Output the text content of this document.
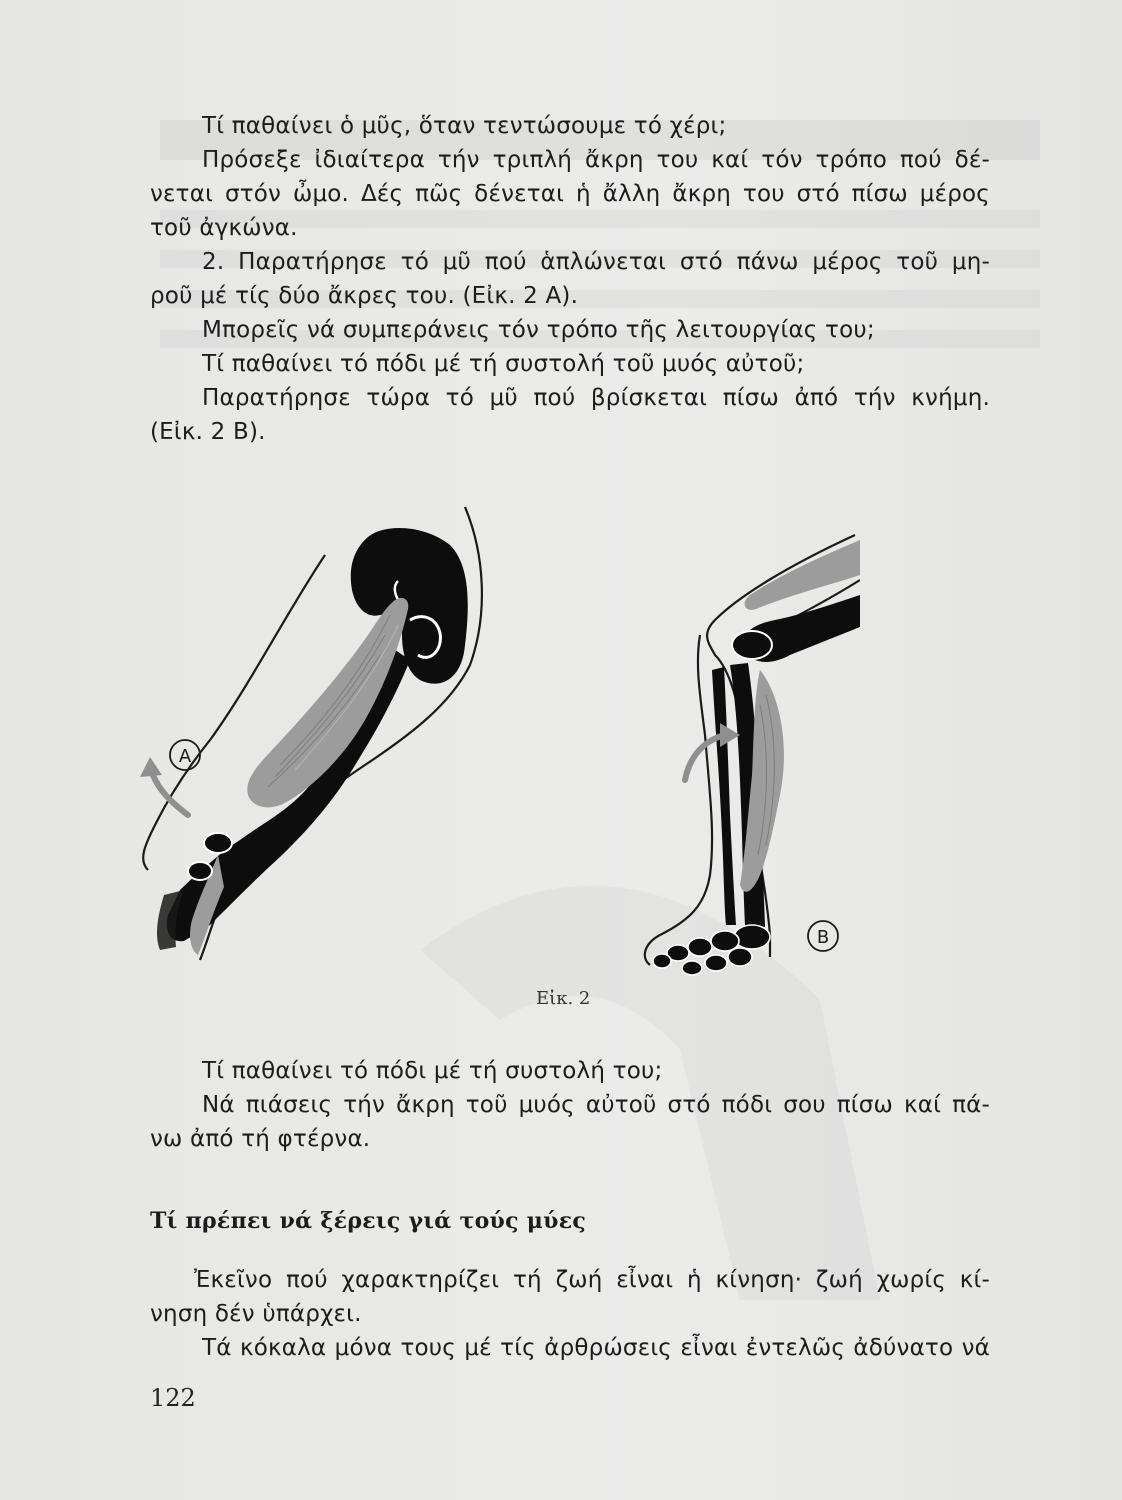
Τί παθαίνει ὁ μῦς, ὅταν τεντώσουμε τό χέρι;
Πρόσεξε ἰδιαίτερα τήν τριπλή ἄκρη του καί τόν τρόπο πού δέ-
νεται στόν ὦμο. Δές πῶς δένεται ἡ ἄλλη ἄκρη του στό πίσω μέρος
τοῦ ἀγκώνα.
2. Παρατήρησε τό μῦ πού ἁπλώνεται στό πάνω μέρος τοῦ μη-
ροῦ μέ τίς δύο ἄκρες του. (Εἰκ. 2 Α).
Μπορεῖς νά συμπεράνεις τόν τρόπο τῆς λειτουργίας του;
Τί παθαίνει τό πόδι μέ τή συστολή τοῦ μυός αὐτοῦ;
Παρατήρησε τώρα τό μῦ πού βρίσκεται πίσω ἀπό τήν κνήμη.
(Εἰκ. 2 Β).
A
B
Εἰκ. 2
Τί παθαίνει τό πόδι μέ τή συστολή του;
Νά πιάσεις τήν ἄκρη τοῦ μυός αὐτοῦ στό πόδι σου πίσω καί πά-
νω ἀπό τή φτέρνα.
Τί πρέπει νά ξέρεις γιά τούς μύες
Ἐκεῖνο πού χαρακτηρίζει τή ζωή εἶναι ἡ κίνηση· ζωή χωρίς κί-
νηση δέν ὑπάρχει.
Τά κόκαλα μόνα τους μέ τίς ἀρθρώσεις εἶναι ἐντελῶς ἀδύνατο νά
122
